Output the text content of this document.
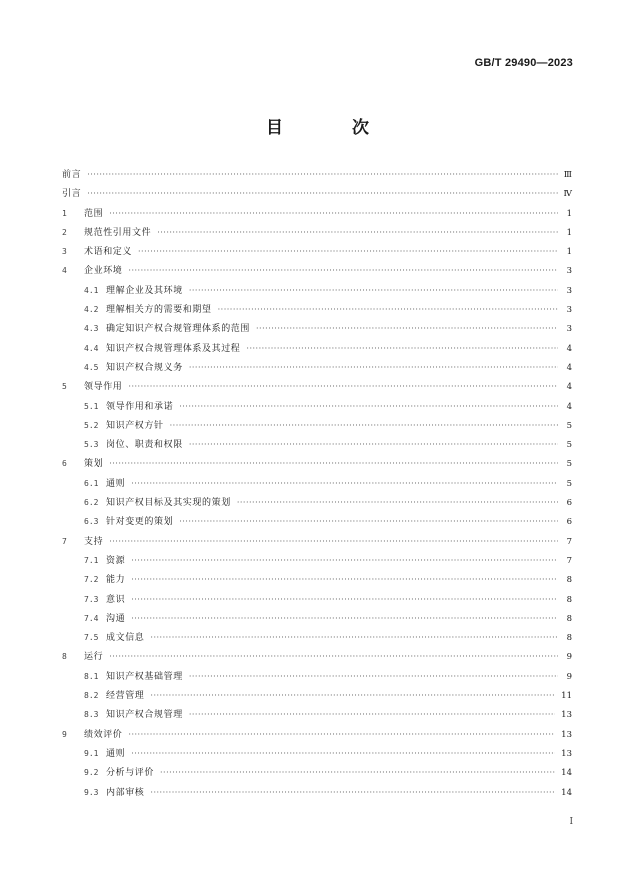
GB/T 29490—2023
目　次
前言 ·····	Ⅲ
引言 ·····	Ⅳ
1	范围 ·····	1
2	规范性引用文件 ·····	1
3	术语和定义 ·····	1
4	企业环境 ·····	3
4.1 理解企业及其环境 ·····	3
4.2 理解相关方的需要和期望 ·····	3
4.3 确定知识产权合规管理体系的范围 ·····	3
4.4 知识产权合规管理体系及其过程 ·····	4
4.5 知识产权合规义务 ·····	4
5	领导作用 ·····	4
5.1 领导作用和承诺 ·····	4
5.2 知识产权方针 ·····	5
5.3 岗位、职责和权限 ·····	5
6	策划 ·····	5
6.1 通则 ·····	5
6.2 知识产权目标及其实现的策划 ·····	6
6.3 针对变更的策划 ·····	6
7	支持 ·····	7
7.1 资源 ·····	7
7.2 能力 ·····	8
7.3 意识 ·····	8
7.4 沟通 ·····	8
7.5 成文信息 ·····	8
8	运行 ·····	9
8.1 知识产权基础管理 ·····	9
8.2 经营管理 ·····	11
8.3 知识产权合规管理 ·····	13
9	绩效评价 ·····	13
9.1 通则 ·····	13
9.2 分析与评价 ·····	14
9.3 内部审核 ·····	14
I
